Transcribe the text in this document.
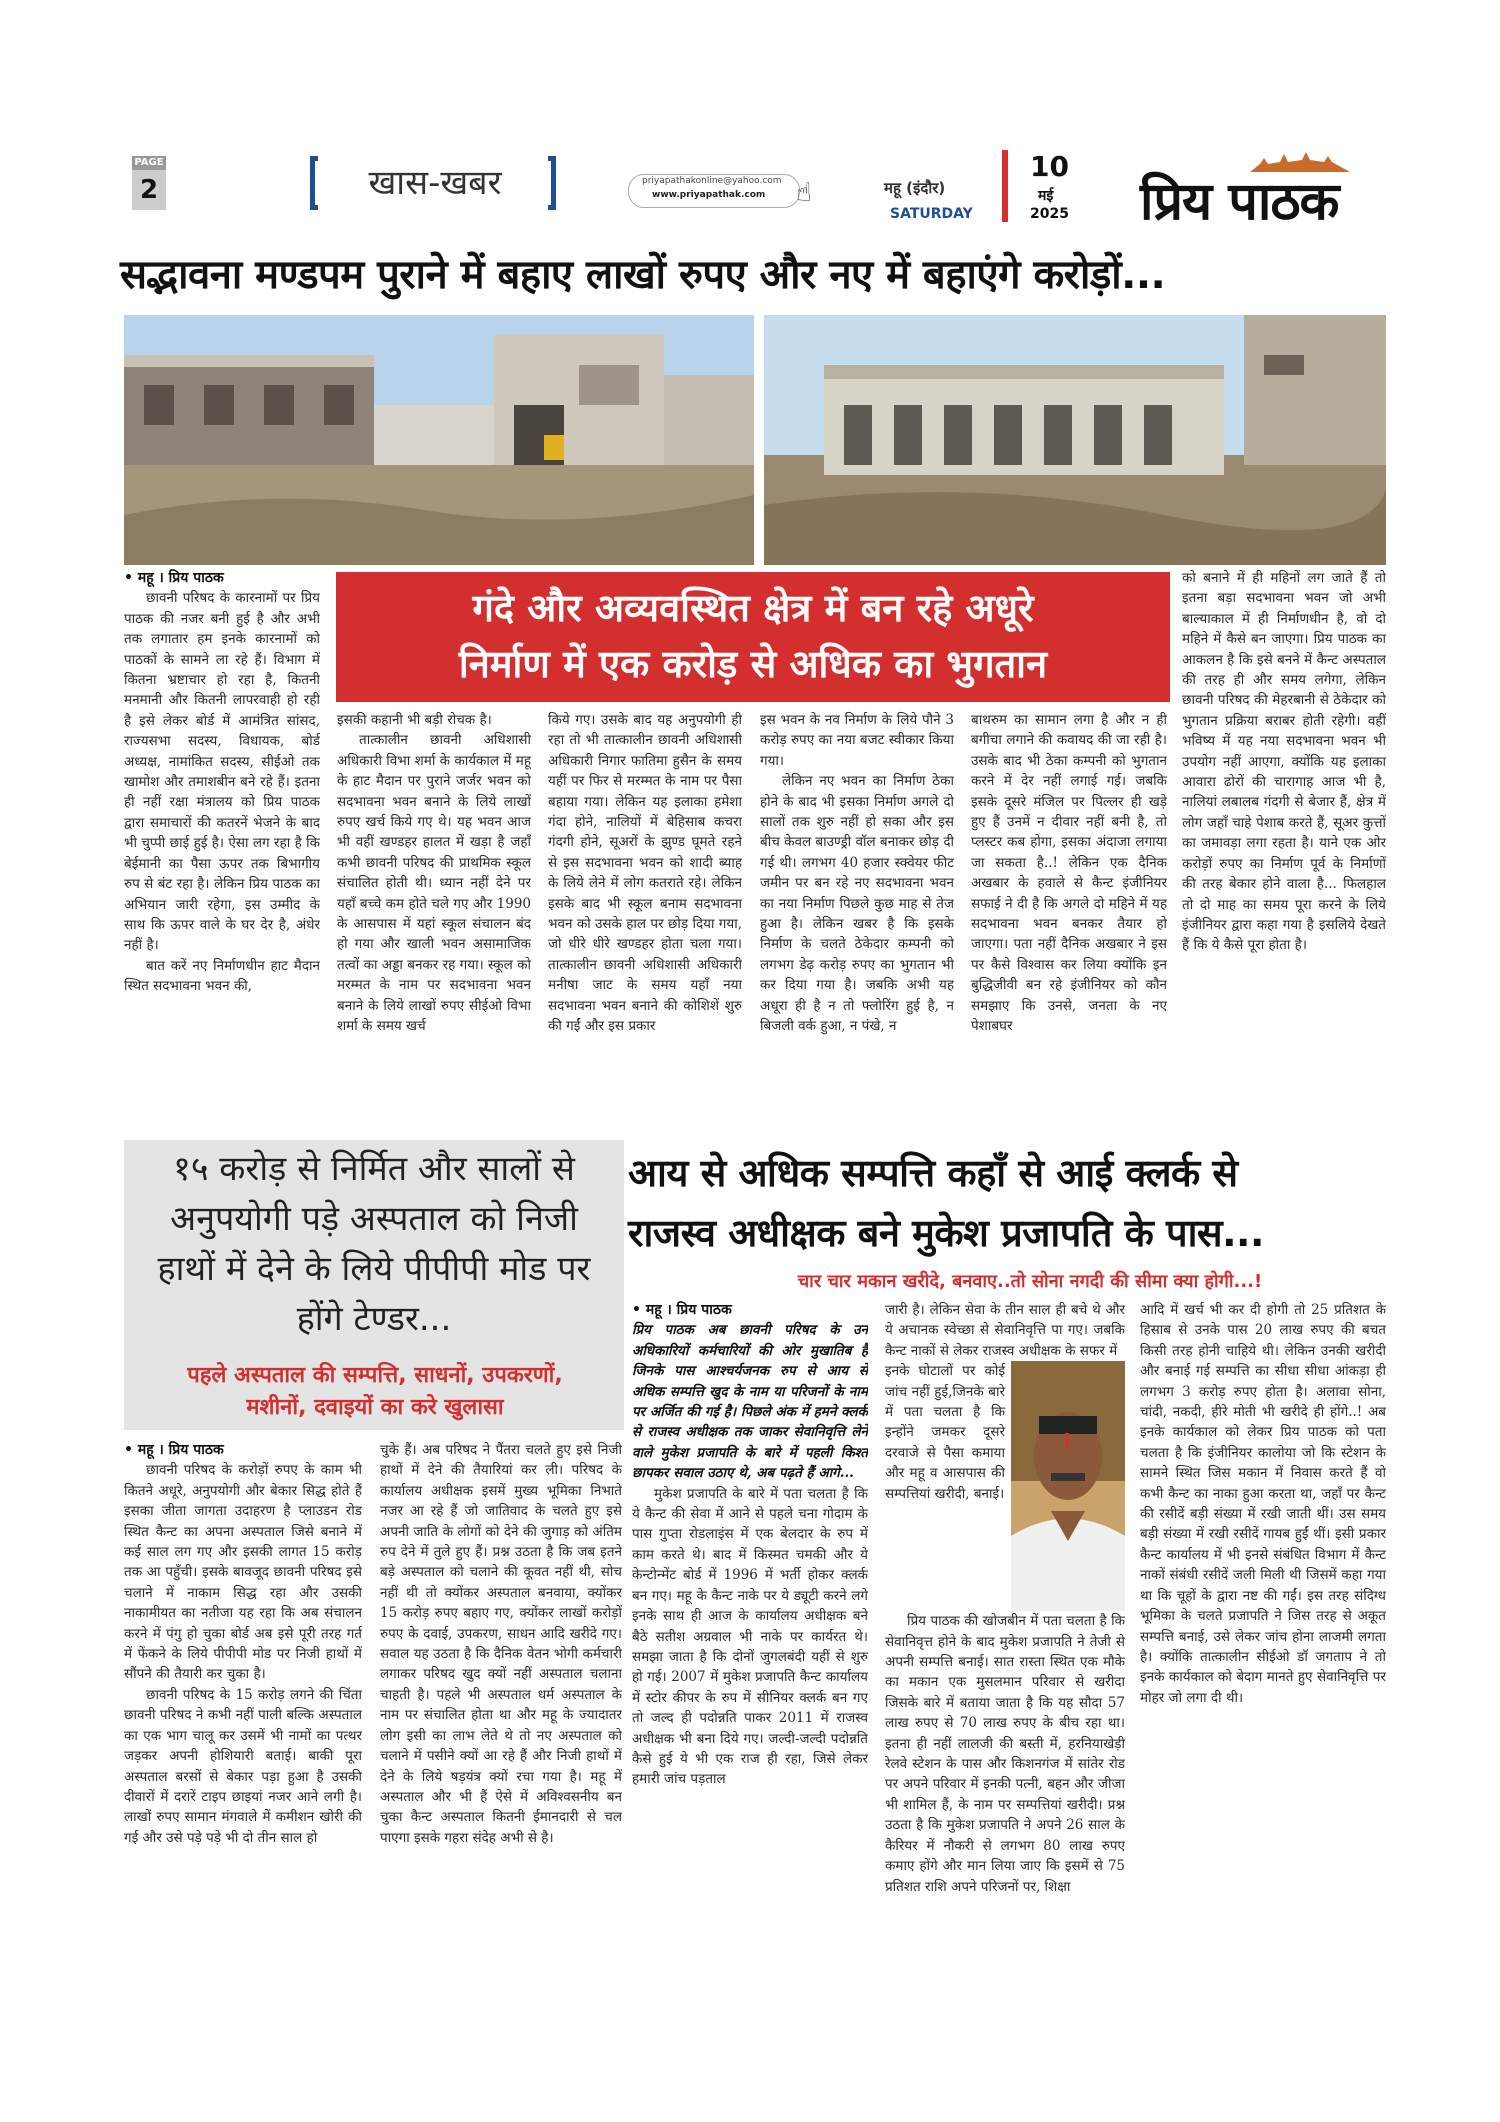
PAGE
2	खास-खबर	priyapathakonline@yahoo.com
www.priyapathak.com ☝	महू (इंदौर)
SATURDAY
10
मई
2025 प्रिय पाठक
सद्भावना मण्डपम पुराने में बहाए लाखों रुपए और नए में बहाएंगे करोड़ों...
गंदे और अव्यवस्थित क्षेत्र में बन रहे अधूरे
निर्माण में एक करोड़ से अधिक का भुगतान
• महू । प्रिय पाठक

छावनी परिषद के कारनामों पर प्रिय पाठक की नजर बनी हुई है और अभी तक लगातार हम इनके कारनामों को पाठकों के सामने ला रहे हैं। विभाग में कितना भ्रष्टाचार हो रहा है, कितनी मनमानी और कितनी लापरवाही हो रही है इसे लेकर बोर्ड में आमंत्रित सांसद, राज्यसभा सदस्य, विधायक, बोर्ड अध्यक्ष, नामांकित सदस्य, सीईओ तक खामोश और तमाशबीन बने रहे हैं। इतना ही नहीं रक्षा मंत्रालय को प्रिय पाठक द्वारा समाचारों की कतरनें भेजने के बाद भी चुप्पी छाई हुई है। ऐसा लग रहा है कि बेईमानी का पैसा ऊपर तक बिभागीय रुप से बंट रहा है। लेकिन प्रिय पाठक का अभियान जारी रहेगा, इस उम्मीद के साथ कि ऊपर वाले के घर देर है, अंधेर नहीं है।

बात करें नए निर्माणधीन हाट मैदान स्थित सदभावना भवन की,

इसकी कहानी भी बड़ी रोचक है।

तात्कालीन छावनी अधिशासी अधिकारी विभा शर्मा के कार्यकाल में महू के हाट मैदान पर पुराने जर्जर भवन को सदभावना भवन बनाने के लिये लाखों रुपए खर्च किये गए थे। यह भवन आज भी वहीं खण्डहर हालत में खड़ा है जहाँ कभी छावनी परिषद की प्राथमिक स्कूल संचालित होती थी। ध्यान नहीं देने पर यहाँ बच्चे कम होते चले गए और 1990 के आसपास में यहां स्कूल संचालन बंद हो गया और खाली भवन असामाजिक तत्वों का अड्डा बनकर रह गया। स्कूल को मरम्मत के नाम पर सदभावना भवन बनाने के लिये लाखों रुपए सीईओ विभा शर्मा के समय खर्च

किये गए। उसके बाद यह अनुपयोगी ही रहा तो भी तात्कालीन छावनी अधिशासी अधिकारी निगार फातिमा हुसैन के समय यहीं पर फिर से मरम्मत के नाम पर पैसा बहाया गया। लेकिन यह इलाका हमेशा गंदा होने, नालियों में बेहिसाब कचरा गंदगी होने, सूअरों के झुण्ड घूमते रहने से इस सदभावना भवन को शादी ब्याह के लिये लेने में लोग कतराते रहे। लेकिन इसके बाद भी स्कूल बनाम सदभावना भवन को उसके हाल पर छोड़ दिया गया, जो धीरे धीरे खण्डहर होता चला गया। तात्कालीन छावनी अधिशासी अधिकारी मनीषा जाट के समय यहाँ नया सदभावना भवन बनाने की कोशिशें शुरु की गईं और इस प्रकार

इस भवन के नव निर्माण के लिये पौने 3 करोड़ रुपए का नया बजट स्वीकार किया गया।

लेकिन नए भवन का निर्माण ठेका होने के बाद भी इसका निर्माण अगले दो सालों तक शुरु नहीं हो सका और इस बीच केवल बाउण्ड्री वॉल बनाकर छोड़ दी गई थी। लगभग 40 हजार स्क्वेयर फीट जमीन पर बन रहे नए सदभावना भवन का नया निर्माण पिछले कुछ माह से तेज हुआ है। लेकिन खबर है कि इसके निर्माण के चलते ठेकेदार कम्पनी को लगभग डेढ़ करोड़ रुपए का भुगतान भी कर दिया गया है। जबकि अभी यह अधूरा ही है न तो फ्लोरिंग हुई है, न बिजली वर्क हुआ, न पंखे, न

बाथरुम का सामान लगा है और न ही बगीचा लगाने की कवायद की जा रही है। उसके बाद भी ठेका कम्पनी को भुगतान करने में देर नहीं लगाई गई। जबकि इसके दूसरे मंजिल पर पिल्लर ही खड़े हुए हैं उनमें न दीवार नहीं बनी है, तो प्लस्टर कब होगा, इसका अंदाजा लगाया जा सकता है..! लेकिन एक दैनिक अखबार के हवाले से कैन्ट इंजीनियर सफाई ने दी है कि अगले दो महिने में यह सदभावना भवन बनकर तैयार हो जाएगा। पता नहीं दैनिक अखबार ने इस पर कैसे विश्वास कर लिया क्योंकि इन बुद्धिजीवी बन रहे इंजीनियर को कौन समझाए कि उनसे, जनता के नए पेशाबघर

को बनाने में ही महिनों लग जाते हैं तो इतना बड़ा सदभावना भवन जो अभी बाल्याकाल में ही निर्माणधीन है, वो दो महिने में कैसे बन जाएगा। प्रिय पाठक का आकलन है कि इसे बनने में कैन्ट अस्पताल की तरह ही और समय लगेगा, लेकिन छावनी परिषद की मेहरबानी से ठेकेदार को भुगतान प्रक्रिया बराबर होती रहेगी। वहीं भविष्य में यह नया सदभावना भवन भी उपयोग नहीं आएगा, क्योंकि यह इलाका आवारा ढोरों की चारागाह आज भी है, नालियां लबालब गंदगी से बेजार हैं, क्षेत्र में लोग जहाँ चाहे पेशाब करते हैं, सूअर कुत्तों का जमावड़ा लगा रहता है। याने एक ओर करोड़ों रुपए का निर्माण पूर्व के निर्माणों की तरह बेकार होने वाला है... फिलहाल तो दो माह का समय पूरा करने के लिये इंजीनियर द्वारा कहा गया है इसलिये देखते हैं कि ये कैसे पूरा होता है।

१५ करोड़ से निर्मित और सालों से अनुपयोगी पड़े अस्पताल को निजी हाथों में देने के लिये पीपीपी मोड पर होंगे टेण्डर...
पहले अस्पताल की सम्पत्ति, साधनों, उपकरणों, मशीनों, दवाइयों का करे खुलासा
• महू । प्रिय पाठक

छावनी परिषद के करोड़ों रुपए के काम भी कितने अधूरे, अनुपयोगी और बेकार सिद्ध होते हैं इसका जीता जागता उदाहरण है प्लाउडन रोड स्थित कैन्ट का अपना अस्पताल जिसे बनाने में कई साल लग गए और इसकी लागत 15 करोड़ तक आ पहुँची। इसके बावजूद छावनी परिषद इसे चलाने में नाकाम सिद्ध रहा और उसकी नाकामीयत का नतीजा यह रहा कि अब संचालन करने में पंगु हो चुका बोर्ड अब इसे पूरी तरह गर्त में फेंकने के लिये पीपीपी मोड पर निजी हाथों में सौंपने की तैयारी कर चुका है।

छावनी परिषद के 15 करोड़ लगने की चिंता छावनी परिषद ने कभी नहीं पाली बल्कि अस्पताल का एक भाग चालू कर उसमें भी नामों का पत्थर जड़कर अपनी होशियारी बताई। बाकी पूरा अस्पताल बरसों से बेकार पड़ा हुआ है उसकी दीवारों में दरारें टाइप छाइयां नजर आने लगी है। लाखों रुपए सामान मंगवाले में कमीशन खोरी की गई और उसे पड़े पड़े भी दो तीन साल हो

चुके हैं। अब परिषद ने पैंतरा चलते हुए इसे निजी हाथों में देने की तैयारियां कर ली। परिषद के कार्यालय अधीक्षक इसमें मुख्य भूमिका निभाते नजर आ रहे हैं जो जातिवाद के चलते हुए इसे अपनी जाति के लोगों को देने की जुगाड़ को अंतिम रुप देने में तुले हुए हैं। प्रश्न उठता है कि जब इतने बड़े अस्पताल को चलाने की कूवत नहीं थी, सोच नहीं थी तो क्योंकर अस्पताल बनवाया, क्योंकर 15 करोड़ रुपए बहाए गए, क्योंकर लाखों करोड़ों रुपए के दवाई, उपकरण, साधन आदि खरीदे गए। सवाल यह उठता है कि दैनिक वेतन भोगी कर्मचारी लगाकर परिषद खुद क्यों नहीं अस्पताल चलाना चाहती है। पहले भी अस्पताल धर्म अस्पताल के नाम पर संचालित होता था और महू के ज्यादातर लोग इसी का लाभ लेते थे तो नए अस्पताल को चलाने में पसीने क्यों आ रहे हैं और निजी हाथों में देने के लिये षड़यंत्र क्यों रचा गया है। महू में अस्पताल और भी हैं ऐसे में अविश्वसनीय बन चुका कैन्ट अस्पताल कितनी ईमानदारी से चल पाएगा इसके गहरा संदेह अभी से है।

आय से अधिक सम्पत्ति कहाँ से आई क्लर्क से
राजस्व अधीक्षक बने मुकेश प्रजापति के पास...
चार चार मकान खरीदे, बनवाए..तो सोना नगदी की सीमा क्या होगी...!
• महू । प्रिय पाठक

प्रिय पाठक अब छावनी परिषद के उन अधिकारियों कर्मचारियों की ओर मुखातिब है जिनके पास आश्चर्यजनक रुप से आय से अधिक सम्पत्ति खुद के नाम या परिजनों के नाम पर अर्जित की गई है। पिछले अंक में हमने क्लर्क से राजस्व अधीक्षक तक जाकर सेवानिवृत्ति लेने वाले मुकेश प्रजापति के बारे में पहली किश्त छापकर सवाल उठाए थे, अब पढ़ते हैं आगे...

मुकेश प्रजापति के बारे में पता चलता है कि ये कैन्ट की सेवा में आने से पहले चना गोदाम के पास गुप्ता रोडलाइंस में एक बेलदार के रुप में काम करते थे। बाद में किस्मत चमकी और ये केन्टोन्मेंट बोर्ड में 1996 में भर्ती होकर क्लर्क बन गए। महू के कैन्ट नाके पर ये ड्यूटी करने लगे इनके साथ ही आज के कार्यालय अधीक्षक बने बैठे सतीश अग्रवाल भी नाके पर कार्यरत थे। समझा जाता है कि दोनों जुगलबंदी यहीं से शुरु हो गई। 2007 में मुकेश प्रजापति कैन्ट कार्यालय में स्टोर कीपर के रुप में सीनियर क्लर्क बन गए तो जल्द ही पदोन्नति पाकर 2011 में राजस्व अधीक्षक भी बना दिये गए। जल्दी-जल्दी पदोन्नति कैसे हुई ये भी एक राज ही रहा, जिसे लेकर हमारी जांच पड़ताल

जारी है। लेकिन सेवा के तीन साल ही बचे थे और ये अचानक स्वेच्छा से सेवानिवृत्ति पा गए। जबकि कैन्ट नाकों से लेकर राजस्व अधीक्षक के सफर में

इनके घोटालों पर कोई जांच नहीं हुई,जिनके बारे में पता चलता है कि इन्होंने जमकर दूसरे दरवाजे से पैसा कमाया और महू व आसपास की सम्पत्तियां खरीदी, बनाई।

प्रिय पाठक की खोजबीन में पता चलता है कि सेवानिवृत्त होने के बाद मुकेश प्रजापति ने तेजी से अपनी सम्पत्ति बनाई। सात रास्ता स्थित एक मौके का मकान एक मुसलमान परिवार से खरीदा जिसके बारे में बताया जाता है कि यह सौदा 57 लाख रुपए से 70 लाख रुपए के बीच रहा था। इतना ही नहीं लालजी की बस्ती में, हरनियाखेड़ी रेलवे स्टेशन के पास और किशनगंज में सांतेर रोड पर अपने परिवार में इनकी पत्नी, बहन और जीजा भी शामिल हैं, के नाम पर सम्पत्तियां खरीदी। प्रश्न उठता है कि मुकेश प्रजापति ने अपने 26 साल के कैरियर में नौकरी से लगभग 80 लाख रुपए कमाए होंगे और मान लिया जाए कि इसमें से 75 प्रतिशत राशि अपने परिजनों पर, शिक्षा

आदि में खर्च भी कर दी होगी तो 25 प्रतिशत के हिसाब से उनके पास 20 लाख रुपए की बचत किसी तरह होनी चाहिये थी। लेकिन उनकी खरीदी और बनाई गई सम्पत्ति का सीधा सीधा आंकड़ा ही लगभग 3 करोड़ रुपए होता है। अलावा सोना, चांदी, नकदी, हीरे मोती भी खरीदे ही होंगे..! अब इनके कार्यकाल को लेकर प्रिय पाठक को पता चलता है कि इंजीनियर कालोया जो कि स्टेशन के सामने स्थित जिस मकान में निवास करते हैं वो कभी कैन्ट का नाका हुआ करता था, जहाँ पर कैन्ट की रसीदें बड़ी संख्या में रखी जाती थीं। उस समय बड़ी संख्या में रखी रसीदें गायब हुईं थीं। इसी प्रकार कैन्ट कार्यालय में भी इनसे संबंधित विभाग में कैन्ट नाकों संबंधी रसीदें जली मिली थी जिसमें कहा गया था कि चूहों के द्वारा नष्ट की गईं। इस तरह संदिग्ध भूमिका के चलते प्रजापति ने जिस तरह से अकूत सम्पत्ति बनाई, उसे लेकर जांच होना लाजमी लगता है। क्योंकि तात्कालीन सीईओ डॉ जगताप ने तो इनके कार्यकाल को बेदाग मानते हुए सेवानिवृत्ति पर मोहर जो लगा दी थी।
